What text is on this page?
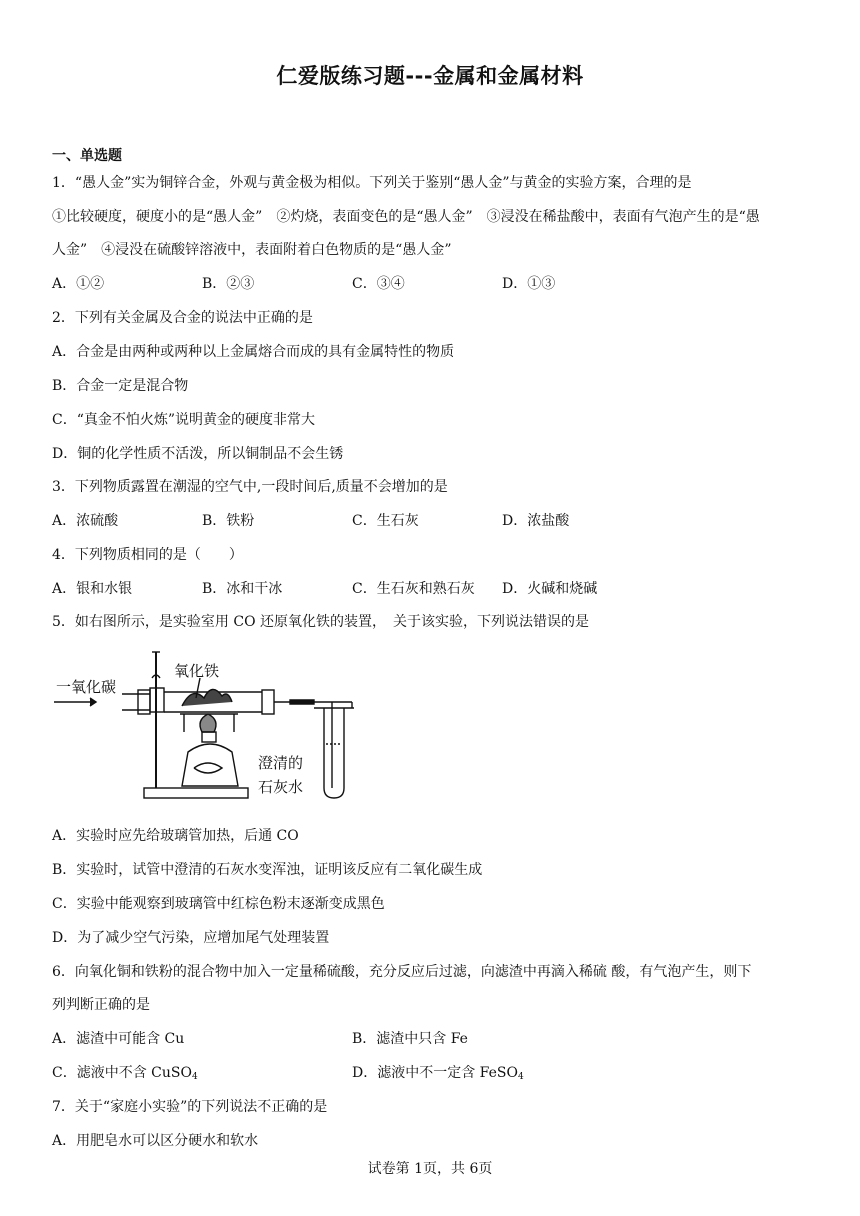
仁爱版练习题---金属和金属材料
一、单选题
1．“愚人金”实为铜锌合金，外观与黄金极为相似。下列关于鉴别“愚人金”与黄金的实验方案，合理的是
①比较硬度，硬度小的是“愚人金”　②灼烧，表面变色的是“愚人金”　③浸没在稀盐酸中，表面有气泡产生的是“愚
人金”　④浸没在硫酸锌溶液中，表面附着白色物质的是“愚人金”
A．①②	B．②③	C．③④	D．①③
2．下列有关金属及合金的说法中正确的是
A．合金是由两种或两种以上金属熔合而成的具有金属特性的物质
B．合金一定是混合物
C．“真金不怕火炼”说明黄金的硬度非常大
D．铜的化学性质不活泼，所以铜制品不会生锈
3．下列物质露置在潮湿的空气中,一段时间后,质量不会增加的是
A．浓硫酸	B．铁粉	C．生石灰	D．浓盐酸
4．下列物质相同的是（　　）
A．银和水银	B．冰和干冰	C．生石灰和熟石灰 D．火碱和烧碱
5．如右图所示，是实验室用 CO 还原氧化铁的装置，　关于该实验，下列说法错误的是
一氧化碳
氧化铁
澄清的
石灰水
A．实验时应先给玻璃管加热，后通 CO
B．实验时，试管中澄清的石灰水变浑浊，证明该反应有二氧化碳生成
C．实验中能观察到玻璃管中红棕色粉末逐渐变成黑色
D．为了减少空气污染，应增加尾气处理装置
6．向氧化铜和铁粉的混合物中加入一定量稀硫酸，充分反应后过滤，向滤渣中再滴入稀硫 酸，有气泡产生，则下
列判断正确的是
A．滤渣中可能含 Cu	B．滤渣中只含 Fe
C．滤液中不含 CuSO$_4$	D．滤液中不一定含 FeSO$_4$
7．关于“家庭小实验”的下列说法不正确的是
A．用肥皂水可以区分硬水和软水
试卷第 1页，共 6页
